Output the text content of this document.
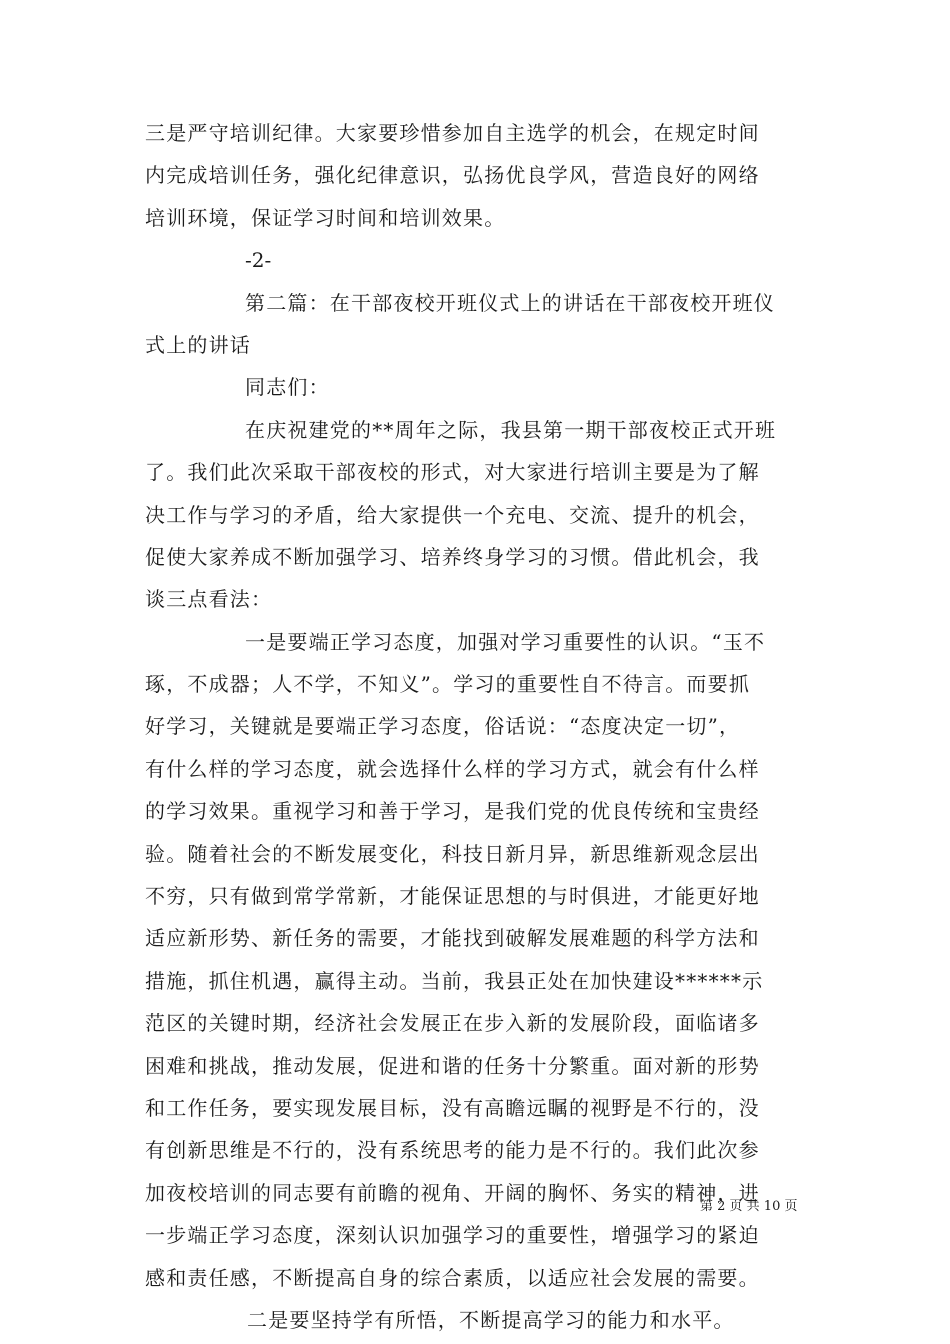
三是严守培训纪律。大家要珍惜参加自主选学的机会，在规定时间
内完成培训任务，强化纪律意识，弘扬优良学风，营造良好的网络
培训环境，保证学习时间和培训效果。
-2-
第二篇：在干部夜校开班仪式上的讲话在干部夜校开班仪
式上的讲话
同志们：
在庆祝建党的**周年之际，我县第一期干部夜校正式开班
了。我们此次采取干部夜校的形式，对大家进行培训主要是为了解
决工作与学习的矛盾，给大家提供一个充电、交流、提升的机会，
促使大家养成不断加强学习、培养终身学习的习惯。借此机会，我
谈三点看法：
一是要端正学习态度，加强对学习重要性的认识。“玉不
琢，不成器；人不学，不知义”。学习的重要性自不待言。而要抓
好学习，关键就是要端正学习态度，俗话说：“态度决定一切”，
有什么样的学习态度，就会选择什么样的学习方式，就会有什么样
的学习效果。重视学习和善于学习，是我们党的优良传统和宝贵经
验。随着社会的不断发展变化，科技日新月异，新思维新观念层出
不穷，只有做到常学常新，才能保证思想的与时俱进，才能更好地
适应新形势、新任务的需要，才能找到破解发展难题的科学方法和
措施，抓住机遇，赢得主动。当前，我县正处在加快建设******示
范区的关键时期，经济社会发展正在步入新的发展阶段，面临诸多
困难和挑战，推动发展，促进和谐的任务十分繁重。面对新的形势
和工作任务，要实现发展目标，没有高瞻远瞩的视野是不行的，没
有创新思维是不行的，没有系统思考的能力是不行的。我们此次参
加夜校培训的同志要有前瞻的视角、开阔的胸怀、务实的精神，进
一步端正学习态度，深刻认识加强学习的重要性，增强学习的紧迫
感和责任感，不断提高自身的综合素质，以适应社会发展的需要。
二是要坚持学有所悟，不断提高学习的能力和水平。
第 2 页 共 10 页
